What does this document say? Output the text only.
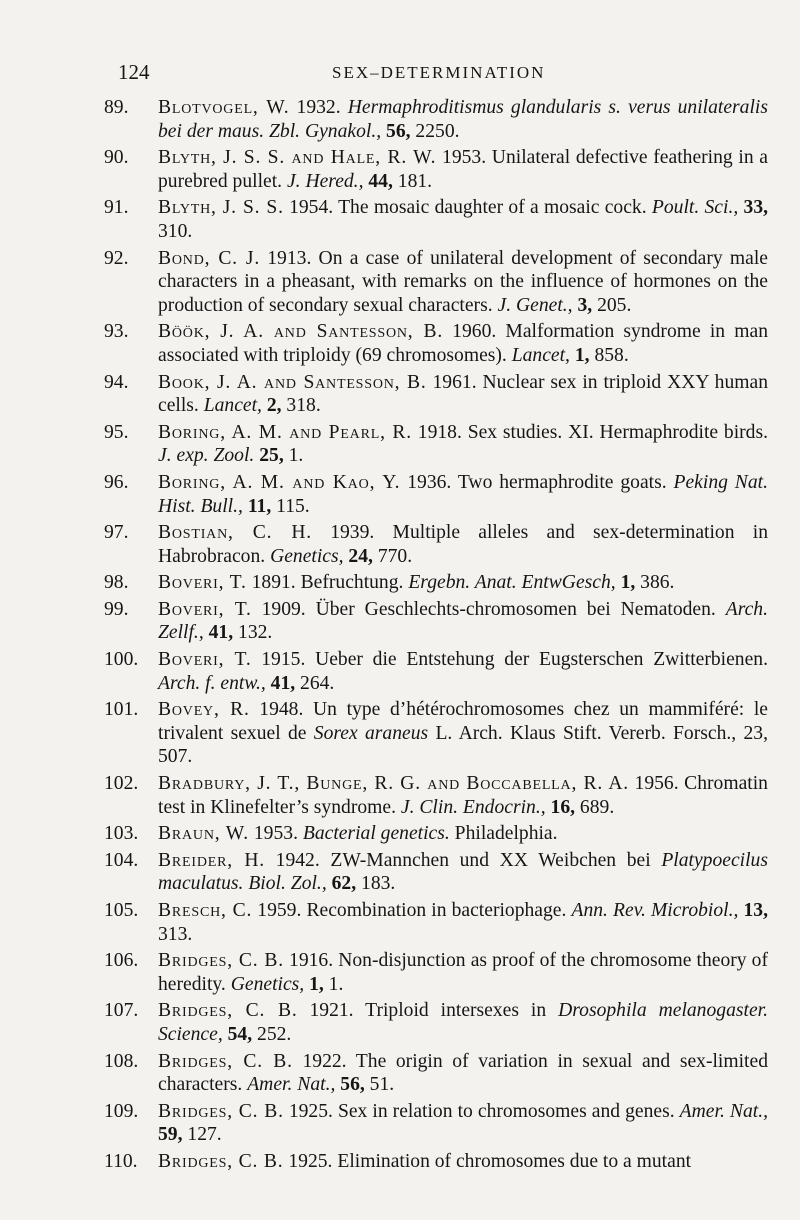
124	SEX–DETERMINATION
89. Blotvogel, W. 1932. Hermaphroditismus glandularis s. verus unilateralis bei der maus. Zbl. Gynakol., 56, 2250.
90. Blyth, J. S. S. and Hale, R. W. 1953. Unilateral defective feathering in a purebred pullet. J. Hered., 44, 181.
91. Blyth, J. S. S. 1954. The mosaic daughter of a mosaic cock. Poult. Sci., 33, 310.
92. Bond, C. J. 1913. On a case of unilateral development of secondary male characters in a pheasant, with remarks on the influence of hormones on the production of secondary sexual characters. J. Genet., 3, 205.
93. Böök, J. A. and Santesson, B. 1960. Malformation syndrome in man associated with triploidy (69 chromosomes). Lancet, 1, 858.
94. Book, J. A. and Santesson, B. 1961. Nuclear sex in triploid XXY human cells. Lancet, 2, 318.
95. Boring, A. M. and Pearl, R. 1918. Sex studies. XI. Hermaphrodite birds. J. exp. Zool. 25, 1.
96. Boring, A. M. and Kao, Y. 1936. Two hermaphrodite goats. Peking Nat. Hist. Bull., 11, 115.
97. Bostian, C. H. 1939. Multiple alleles and sex-determination in Habrobracon. Genetics, 24, 770.
98. Boveri, T. 1891. Befruchtung. Ergebn. Anat. EntwGesch, 1, 386.
99. Boveri, T. 1909. Über Geschlechts-chromosomen bei Nematoden. Arch. Zellf., 41, 132.
100. Boveri, T. 1915. Ueber die Entstehung der Eugsterschen Zwitterbienen. Arch. f. entw., 41, 264.
101. Bovey, R. 1948. Un type d’hétérochromosomes chez un mammiféré: le trivalent sexuel de Sorex araneus L. Arch. Klaus Stift. Vererb. Forsch., 23, 507.
102. Bradbury, J. T., Bunge, R. G. and Boccabella, R. A. 1956. Chromatin test in Klinefelter’s syndrome. J. Clin. Endocrin., 16, 689.
103. Braun, W. 1953. Bacterial genetics. Philadelphia.
104. Breider, H. 1942. ZW-Mannchen und XX Weibchen bei Platypoecilus maculatus. Biol. Zol., 62, 183.
105. Bresch, C. 1959. Recombination in bacteriophage. Ann. Rev. Microbiol., 13, 313.
106. Bridges, C. B. 1916. Non-disjunction as proof of the chromosome theory of heredity. Genetics, 1, 1.
107. Bridges, C. B. 1921. Triploid intersexes in Drosophila melanogaster. Science, 54, 252.
108. Bridges, C. B. 1922. The origin of variation in sexual and sex-limited characters. Amer. Nat., 56, 51.
109. Bridges, C. B. 1925. Sex in relation to chromosomes and genes. Amer. Nat., 59, 127.
110. Bridges, C. B. 1925. Elimination of chromosomes due to a mutant
